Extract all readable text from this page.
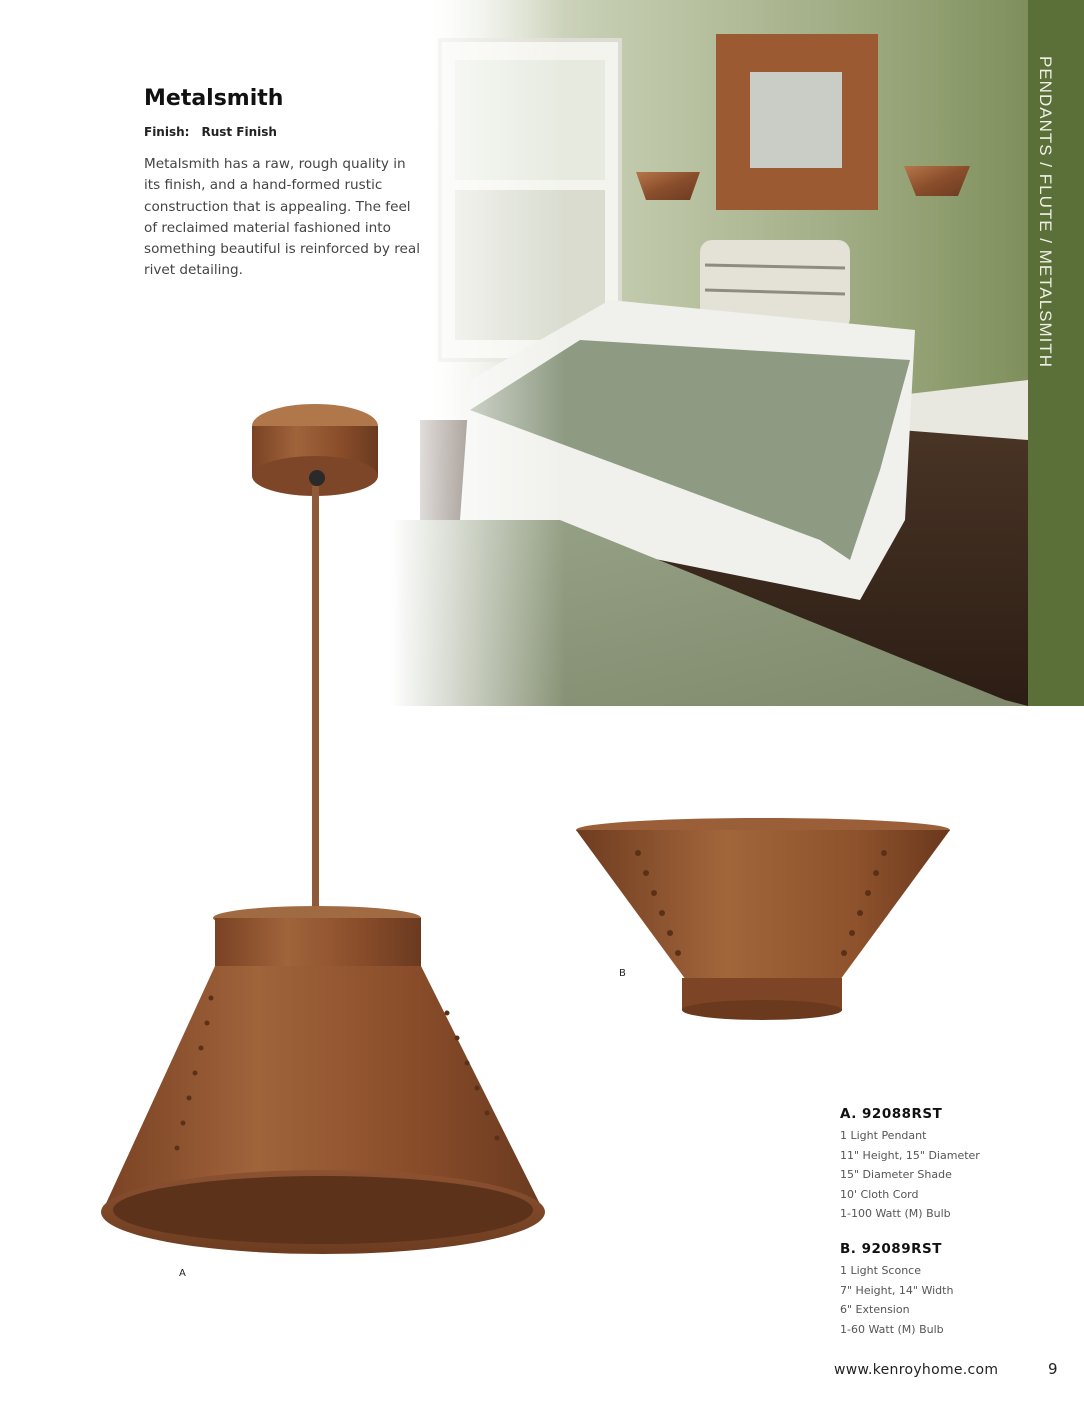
PENDANTS / FLUTE / METALSMITH
Metalsmith
Finish: Rust Finish
Metalsmith has a raw, rough quality in its finish, and a hand-formed rustic construction that is appealing. The feel of reclaimed material fashioned into something beautiful is reinforced by real rivet detailing.
A
B
A. 92088RST
1 Light Pendant
11" Height, 15" Diameter
15" Diameter Shade
10' Cloth Cord
1-100 Watt (M) Bulb
B. 92089RST
1 Light Sconce
7" Height, 14" Width
6" Extension
1-60 Watt (M) Bulb
www.kenroyhome.com	9
